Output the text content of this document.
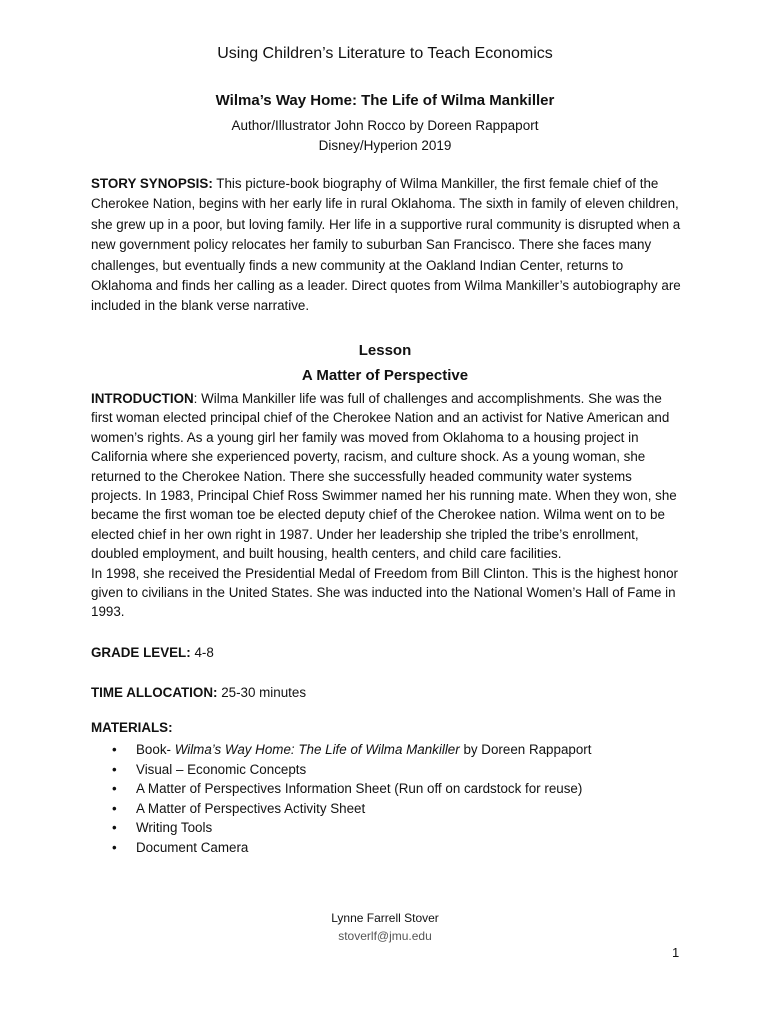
Using Children’s Literature to Teach Economics
Wilma’s Way Home: The Life of Wilma Mankiller
Author/Illustrator John Rocco by Doreen Rappaport
Disney/Hyperion 2019
STORY SYNOPSIS: This picture-book biography of Wilma Mankiller, the first female chief of the Cherokee Nation, begins with her early life in rural Oklahoma. The sixth in family of eleven children, she grew up in a poor, but loving family. Her life in a supportive rural community is disrupted when a new government policy relocates her family to suburban San Francisco. There she faces many challenges, but eventually finds a new community at the Oakland Indian Center, returns to Oklahoma and finds her calling as a leader. Direct quotes from Wilma Mankiller’s autobiography are included in the blank verse narrative.
Lesson
A Matter of Perspective
INTRODUCTION: Wilma Mankiller life was full of challenges and accomplishments. She was the first woman elected principal chief of the Cherokee Nation and an activist for Native American and women’s rights. As a young girl her family was moved from Oklahoma to a housing project in California where she experienced poverty, racism, and culture shock. As a young woman, she returned to the Cherokee Nation. There she successfully headed community water systems projects. In 1983, Principal Chief Ross Swimmer named her his running mate. When they won, she became the first woman toe be elected deputy chief of the Cherokee nation. Wilma went on to be elected chief in her own right in 1987. Under her leadership she tripled the tribe’s enrollment, doubled employment, and built housing, health centers, and child care facilities.
In 1998, she received the Presidential Medal of Freedom from Bill Clinton. This is the highest honor given to civilians in the United States. She was inducted into the National Women’s Hall of Fame in 1993.
GRADE LEVEL: 4-8
TIME ALLOCATION: 25-30 minutes
MATERIALS:
• Book- Wilma’s Way Home: The Life of Wilma Mankiller by Doreen Rappaport
• Visual – Economic Concepts
• A Matter of Perspectives Information Sheet (Run off on cardstock for reuse)
• A Matter of Perspectives Activity Sheet
• Writing Tools
• Document Camera
Lynne Farrell Stover
stoverlf@jmu.edu
1
